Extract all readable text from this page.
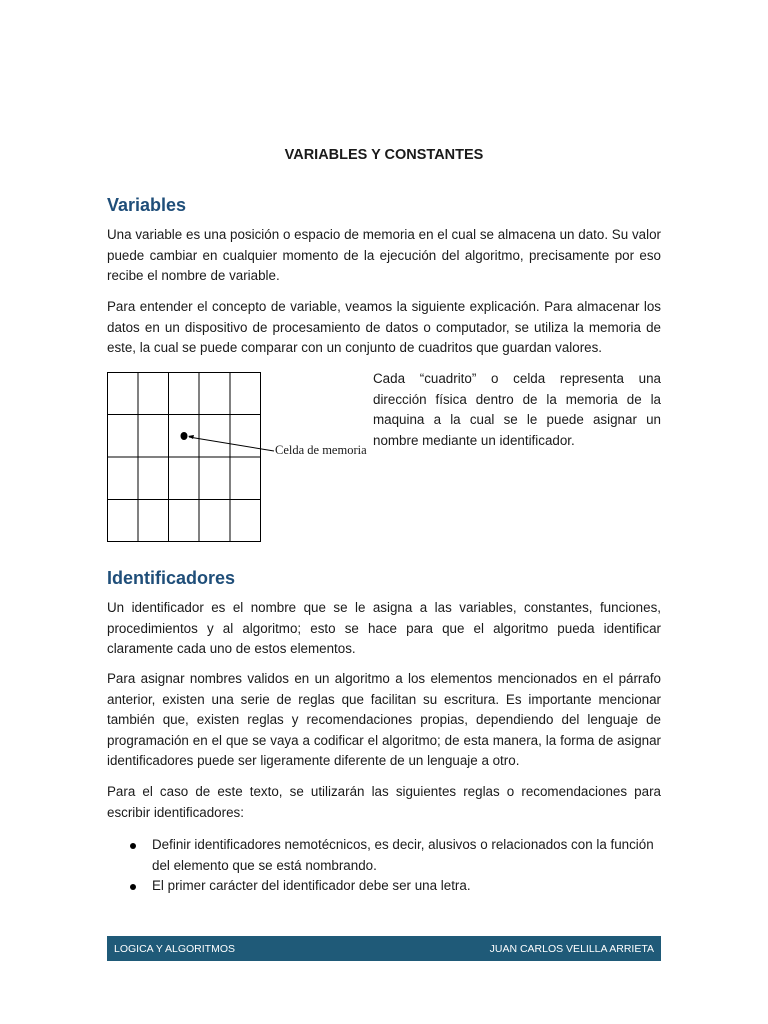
VARIABLES Y CONSTANTES
Variables

Una variable es una posición o espacio de memoria en el cual se almacena un dato. Su valor puede cambiar en cualquier momento de la ejecución del algoritmo, precisamente por eso recibe el nombre de variable.

Para entender el concepto de variable, veamos la siguiente explicación. Para almacenar los datos en un dispositivo de procesamiento de datos o computador, se utiliza la memoria de este, la cual se puede comparar con un conjunto de cuadritos que guardan valores.

Celda de memoria

Cada “cuadrito” o celda representa una dirección física dentro de la memoria de la maquina a la cual se le puede asignar un nombre mediante un identificador.

Identificadores

Un identificador es el nombre que se le asigna a las variables, constantes, funciones, procedimientos y al algoritmo; esto se hace para que el algoritmo pueda identificar claramente cada uno de estos elementos.

Para asignar nombres validos en un algoritmo a los elementos mencionados en el párrafo anterior, existen una serie de reglas que facilitan su escritura. Es importante mencionar también que, existen reglas y recomendaciones propias, dependiendo del lenguaje de programación en el que se vaya a codificar el algoritmo; de esta manera, la forma de asignar identificadores puede ser ligeramente diferente de un lenguaje a otro.

Para el caso de este texto, se utilizarán las siguientes reglas o recomendaciones para escribir identificadores:

Definir identificadores nemotécnicos, es decir, alusivos o relacionados con la función del elemento que se está nombrando.
El primer carácter del identificador debe ser una letra.
LOGICA Y ALGORITMOS	JUAN CARLOS VELILLA ARRIETA
